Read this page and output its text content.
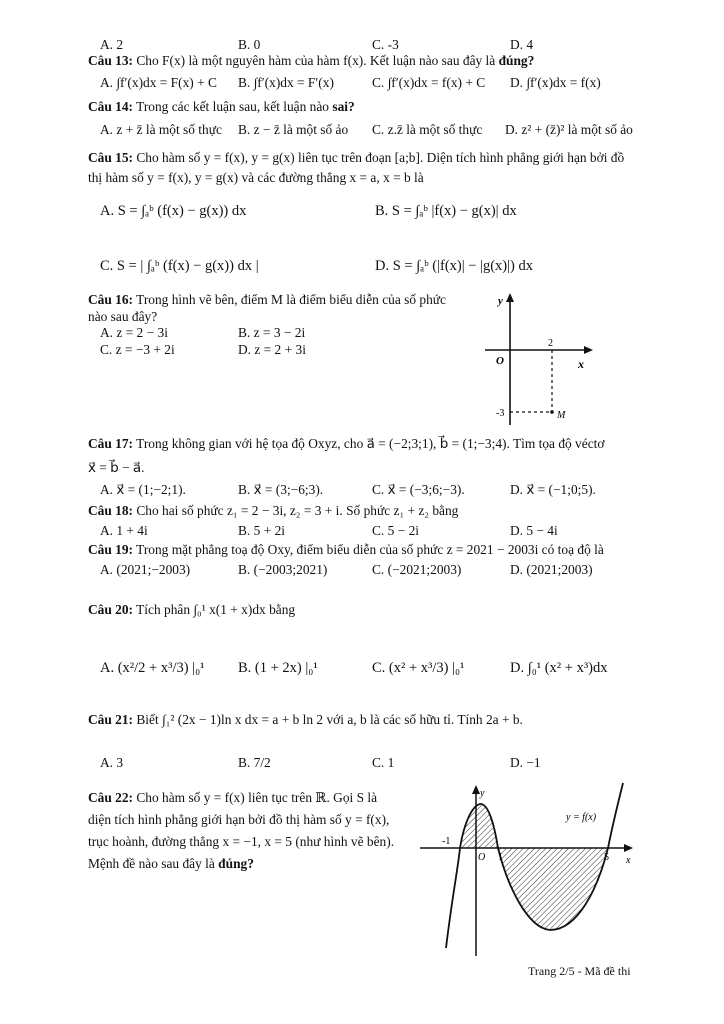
A. 2	B. 0	C. -3	D. 4
Câu 13: Cho F(x) là một nguyên hàm của hàm f(x). Kết luận nào sau đây là đúng?
A. ∫f′(x)dx = F(x) + C B. ∫f′(x)dx = F′(x)	C. ∫f′(x)dx = f(x) + C D. ∫f′(x)dx = f(x)
Câu 14: Trong các kết luận sau, kết luận nào sai?
A. z + z̄ là một số thực B. z − z̄ là một số ảo C. z.z̄ là một số thực D. z² + (z̄)² là một số ảo
Câu 15: Cho hàm số y = f(x), y = g(x) liên tục trên đoạn [a;b]. Diện tích hình phẳng giới hạn bởi đồ
thị hàm số y = f(x), y = g(x) và các đường thẳng x = a, x = b là
A. S = ∫ₐᵇ (f(x) − g(x)) dx	B. S = ∫ₐᵇ |f(x) − g(x)| dx
C. S = | ∫ₐᵇ (f(x) − g(x)) dx |	D. S = ∫ₐᵇ (|f(x)| − |g(x)|) dx
Câu 16: Trong hình vẽ bên, điểm M là điểm biểu diễn của số phức
nào sau đây?
A. z = 2 − 3i	B. z = 3 − 2i
C. z = −3 + 2i	D. z = 2 + 3i
y
x
O
2
-3	M
Câu 17: Trong không gian với hệ tọa độ Oxyz, cho a⃗ = (−2;3;1), b⃗ = (1;−3;4). Tìm tọa độ véctơ
x⃗ = b⃗ − a⃗.
A. x⃗ = (1;−2;1).	B. x⃗ = (3;−6;3).	C. x⃗ = (−3;6;−3).	D. x⃗ = (−1;0;5).
Câu 18: Cho hai số phức z₁ = 2 − 3i, z₂ = 3 + i. Số phức z₁ + z₂ bằng
A. 1 + 4i	B. 5 + 2i	C. 5 − 2i	D. 5 − 4i
Câu 19: Trong mặt phẳng toạ độ Oxy, điểm biểu diễn của số phức z = 2021 − 2003i có toạ độ là
A. (2021;−2003)	B. (−2003;2021)	C. (−2021;2003)	D. (2021;2003)
Câu 20: Tích phân ∫₀¹ x(1 + x)dx bằng
A. (x²/2 + x³/3) |₀¹ B. (1 + 2x) |₀¹	C. (x² + x³/3) |₀¹	D. ∫₀¹ (x² + x³)dx
Câu 21: Biết ∫₁² (2x − 1)ln x dx = a + b ln 2 với a, b là các số hữu tỉ. Tính 2a + b.
A. 3	B. 7/2	C. 1	D. −1
Câu 22: Cho hàm số y = f(x) liên tục trên ℝ. Gọi S là
diện tích hình phẳng giới hạn bởi đồ thị hàm số y = f(x),
trục hoành, đường thẳng x = −1, x = 5 (như hình vẽ bên).
Mệnh đề nào sau đây là đúng?
y = f(x)
y
x
O
-1
1	5
Trang 2/5 - Mã đề thi
